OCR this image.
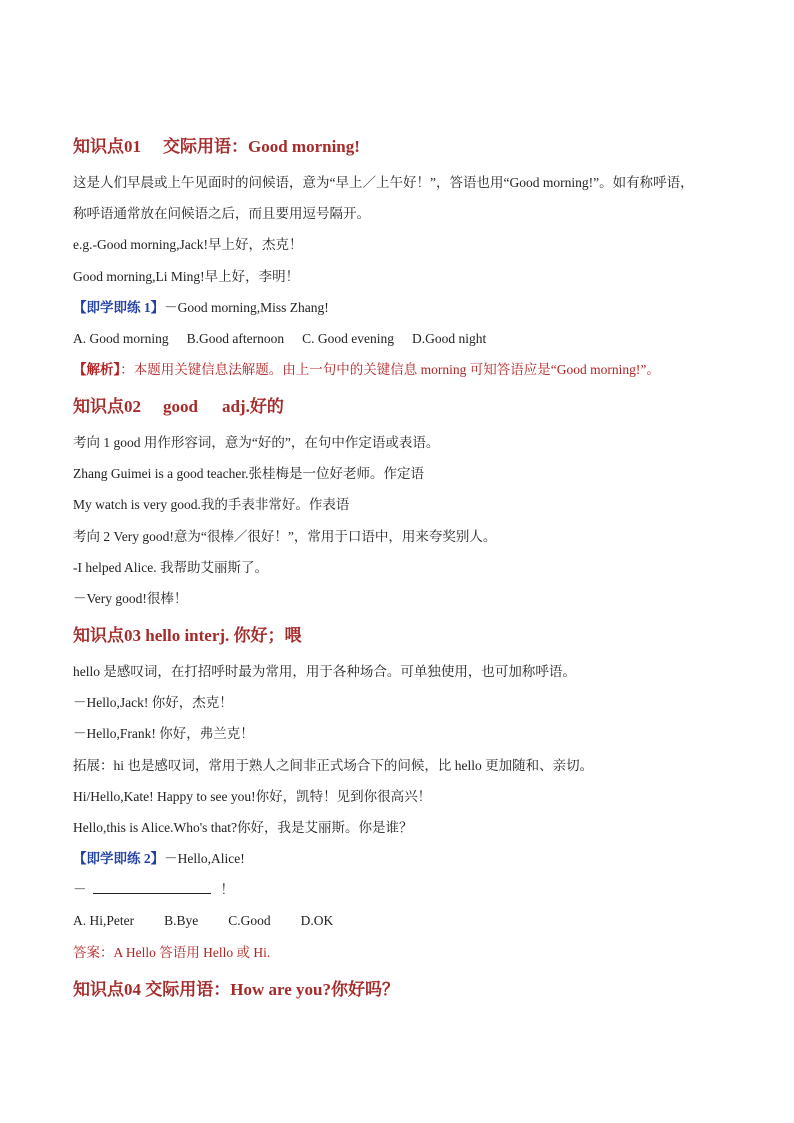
知识点01 交际用语：Good morning!
这是人们早晨或上午见面时的问候语，意为“早上／上午好！”，答语也用“Good morning!”。如有称呼语，
称呼语通常放在问候语之后，而且要用逗号隔开。
e.g.-Good morning,Jack!早上好，杰克！
Good morning,Li Ming!早上好，李明！
【即学即练 1】－Good morning,Miss Zhang!
A. Good morning B.Good afternoon C. Good evening D.Good night
【解析】：本题用关键信息法解题。由上一句中的关键信息 morning 可知答语应是“Good morning!”。
知识点02 good adj.好的
考向 1 good 用作形容词，意为“好的”，在句中作定语或表语。
Zhang Guimei is a good teacher.张桂梅是一位好老师。作定语
My watch is very good.我的手表非常好。作表语
考向 2 Very good!意为“很棒／很好！”，常用于口语中，用来夸奖别人。
-I helped Alice. 我帮助艾丽斯了。
－Very good!很棒！
知识点03 hello interj. 你好；喂
hello 是感叹词，在打招呼时最为常用，用于各种场合。可单独使用，也可加称呼语。
－Hello,Jack! 你好，杰克！
－Hello,Frank! 你好，弗兰克！
拓展：hi 也是感叹词，常用于熟人之间非正式场合下的问候，比 hello 更加随和、亲切。
Hi/Hello,Kate! Happy to see you!你好，凯特！见到你很高兴！
Hello,this is Alice.Who's that?你好，我是艾丽斯。你是谁？
【即学即练 2】－Hello,Alice!
－	！
A. Hi,Peter B.Bye C.Good D.OK
答案：A Hello 答语用 Hello 或 Hi.
知识点04 交际用语：How are you?你好吗？
